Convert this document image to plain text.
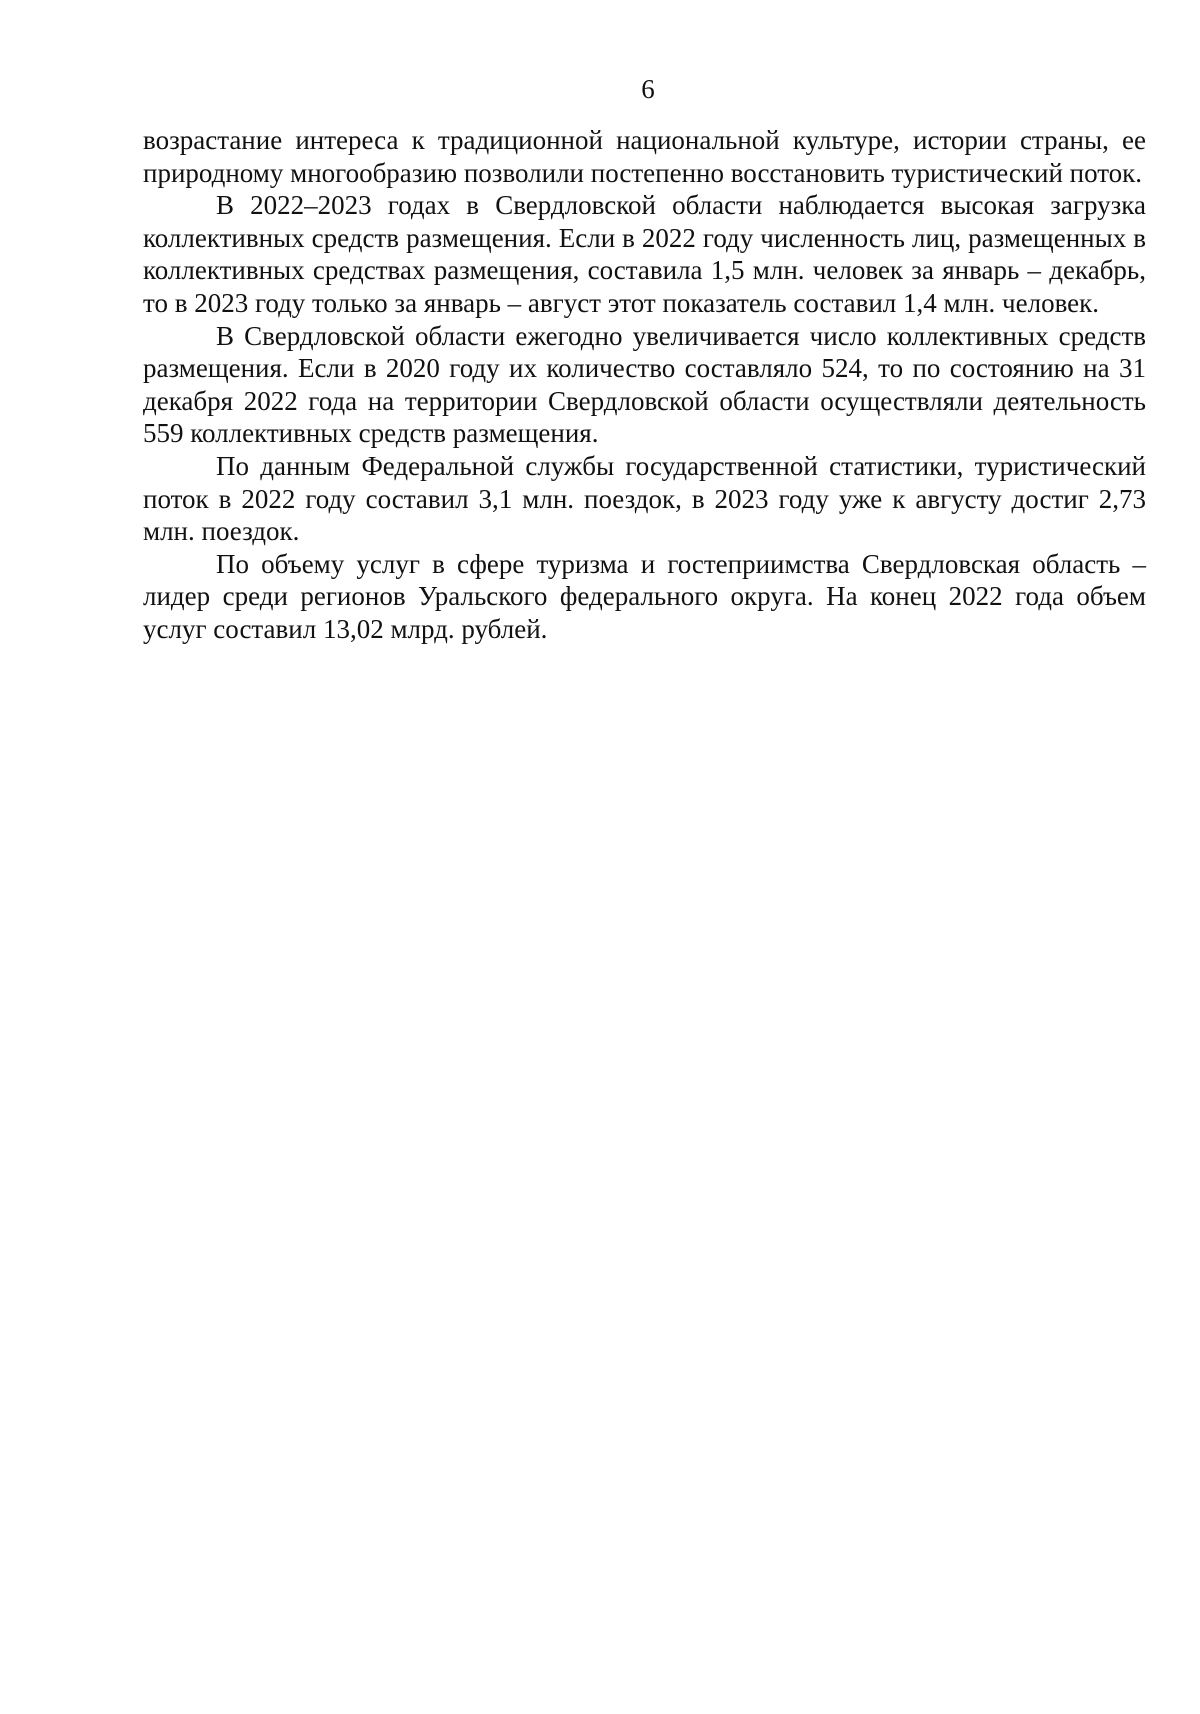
6

возрастание интереса к традиционной национальной культуре, истории страны, ее природному многообразию позволили постепенно восстановить туристический поток.

В 2022–2023 годах в Свердловской области наблюдается высокая загрузка коллективных средств размещения. Если в 2022 году численность лиц, размещенных в коллективных средствах размещения, составила 1,5 млн. человек за январь – декабрь, то в 2023 году только за январь – август этот показатель составил 1,4 млн. человек.

В Свердловской области ежегодно увеличивается число коллективных средств размещения. Если в 2020 году их количество составляло 524, то по состоянию на 31 декабря 2022 года на территории Свердловской области осуществляли деятельность 559 коллективных средств размещения.

По данным Федеральной службы государственной статистики, туристический поток в 2022 году составил 3,1 млн. поездок, в 2023 году уже к августу достиг 2,73 млн. поездок.

По объему услуг в сфере туризма и гостеприимства Свердловская область – лидер среди регионов Уральского федерального округа. На конец 2022 года объем услуг составил 13,02 млрд. рублей.
